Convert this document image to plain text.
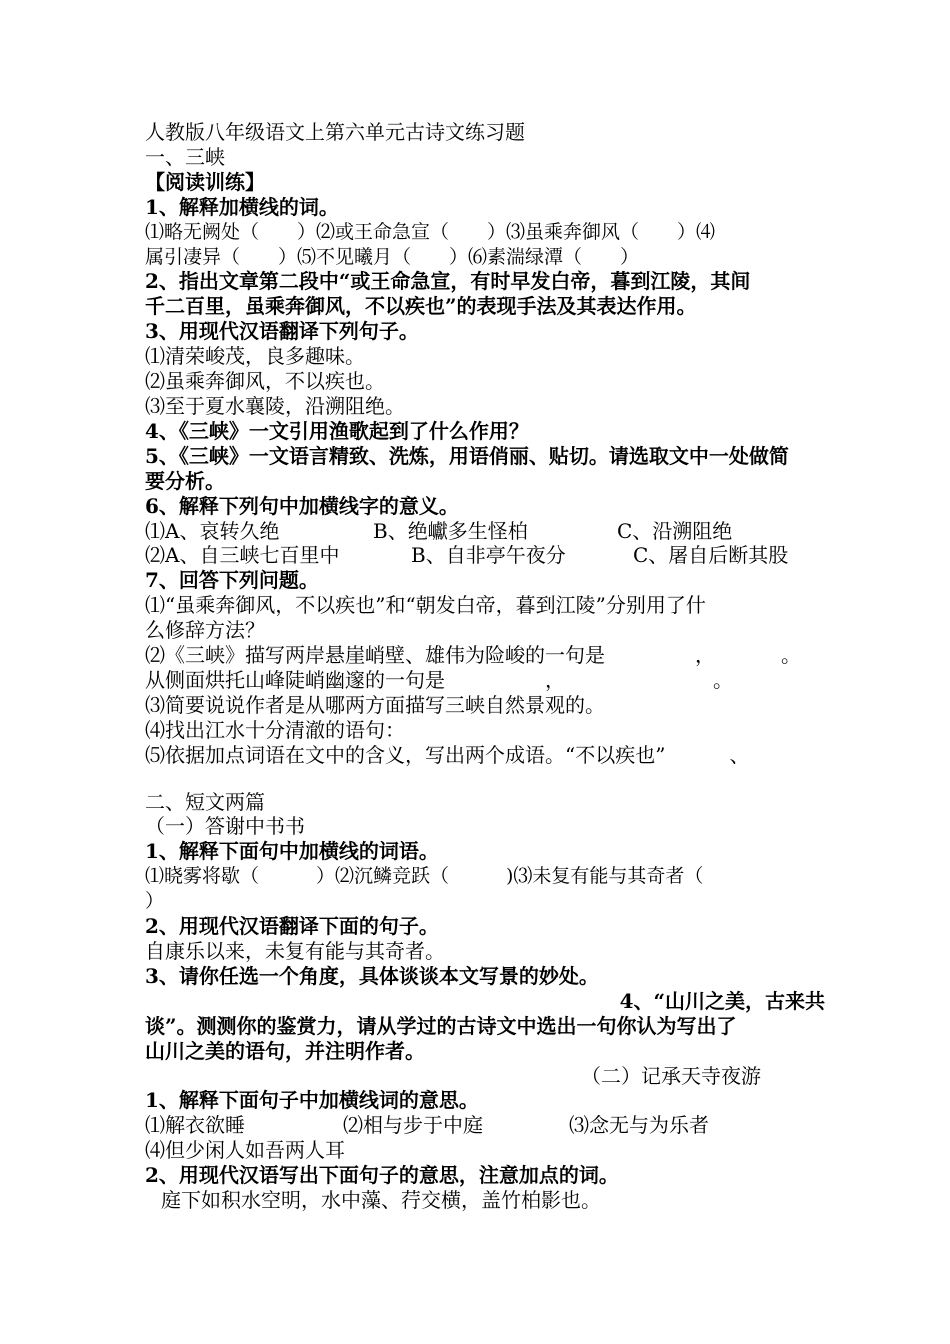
人教版八年级语文上第六单元古诗文练习题
一、三峡
【阅读训练】
1、解释加横线的词。
⑴略无阙处（　　）⑵或王命急宣（　　）⑶虽乘奔御风（　　）⑷
属引凄异（　　）⑸不见曦月（　　）⑹素湍绿潭（　　）
2、指出文章第二段中“或王命急宣，有时早发白帝，暮到江陵，其间
千二百里，虽乘奔御风，不以疾也”的表现手法及其表达作用。
3、用现代汉语翻译下列句子。
⑴清荣峻茂，良多趣味。
⑵虽乘奔御风，不以疾也。
⑶至于夏水襄陵，沿溯阻绝。
4、《三峡》一文引用渔歌起到了什么作用？
5、《三峡》一文语言精致、洗炼，用语俏丽、贴切。请选取文中一处做简
要分析。
6、解释下列句中加横线字的意义。
⑴A、哀转久绝	B、绝巘多生怪柏	C、沿溯阻绝
⑵A、自三峡七百里中	B、自非亭午夜分	C、屠自后断其股
7、回答下列问题。
⑴“虽乘奔御风，不以疾也”和“朝发白帝，暮到江陵”分别用了什
么修辞方法？
⑵《三峡》描写两岸悬崖峭壁、雄伟为险峻的一句是	，	。
从侧面烘托山峰陡峭幽邃的一句是	，	。
⑶简要说说作者是从哪两方面描写三峡自然景观的。
⑷找出江水十分清澈的语句：
⑸依据加点词语在文中的含义，写出两个成语。“不以疾也”	、
二、短文两篇
（一）答谢中书书
1、解释下面句中加横线的词语。
⑴晓雾将歇（　　　）⑵沉鳞竞跃（　　　)⑶未复有能与其奇者（
）
2、用现代汉语翻译下面的句子。
自康乐以来，未复有能与其奇者。
3、请你任选一个角度，具体谈谈本文写景的妙处。
4、“山川之美，古来共
谈”。测测你的鉴赏力，请从学过的古诗文中选出一句你认为写出了
山川之美的语句，并注明作者。
（二）记承天寺夜游
1、解释下面句子中加横线词的意思。
⑴解衣欲睡	⑵相与步于中庭	⑶念无与为乐者
⑷但少闲人如吾两人耳
2、用现代汉语写出下面句子的意思，注意加点的词。
庭下如积水空明，水中藻、荇交横，盖竹柏影也。
